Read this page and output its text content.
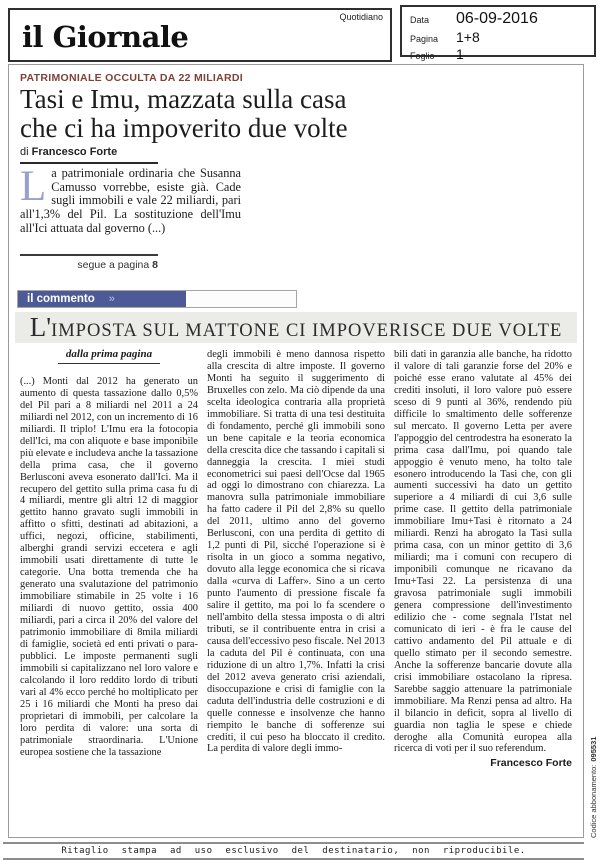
Quotidiano
il Giornale	Data	06-09-2016
Pagina	1+8
Foglio	1
PATRIMONIALE OCCULTA DA 22 MILIARDI
Tasi e Imu, mazzata sulla casa
che ci ha impoverito due volte
di Francesco Forte
La patrimoniale ordinaria che Susanna Camusso vorrebbe, esiste già. Cade sugli immobili e vale 22 miliardi, pari all'1,3% del Pil. La sostituzione dell'Imu all'Ici attuata dal governo (...)
segue a pagina 8
il commento »
L'IMPOSTA SUL MATTONE CI IMPOVERISCE DUE VOLTE
dalla prima pagina
(...) Monti dal 2012 ha generato un aumento di questa tassazione dallo 0,5% del Pil pari a 8 miliardi nel 2011 a 24 miliardi nel 2012, con un incremento di 16 miliardi. Il triplo! L'Imu era la fotocopia dell'Ici, ma con aliquote e base imponibile più elevate e includeva anche la tassazione della prima casa, che il governo Berlusconi aveva esonerato dall'Ici. Ma il recupero del gettito sulla prima casa fu di 4 miliardi, mentre gli altri 12 di maggior gettito hanno gravato sugli immobili in affitto o sfitti, destinati ad abitazioni, a uffici, negozi, officine, stabilimenti, alberghi grandi servizi eccetera e agli immobili usati direttamente di tutte le categorie. Una botta tremenda che ha generato una svalutazione del patrimonio immobiliare stimabile in 25 volte i 16 miliardi di nuovo gettito, ossia 400 miliardi, pari a circa il 20% del valore del patrimonio immobiliare di 8mila miliardi di famiglie, società ed enti privati o para-pubblici. Le imposte permanenti sugli immobili si capitalizzano nel loro valore e calcolando il loro reddito lordo di tributi vari al 4% ecco perché ho moltiplicato per 25 i 16 miliardi che Monti ha preso dai proprietari di immobili, per calcolare la loro perdita di valore: una sorta di patrimoniale straordinaria. L'Unione europea sostiene che la tassazione
degli immobili è meno dannosa rispetto alla crescita di altre imposte. Il governo Monti ha seguito il suggerimento di Bruxelles con zelo. Ma ciò dipende da una scelta ideologica contraria alla proprietà immobiliare. Si tratta di una tesi destituita di fondamento, perché gli immobili sono un bene capitale e la teoria economica della crescita dice che tassando i capitali si danneggia la crescita. I miei studi econometrici sui paesi dell'Ocse dal 1965 ad oggi lo dimostrano con chiarezza. La manovra sulla patrimoniale immobiliare ha fatto cadere il Pil del 2,8% su quello del 2011, ultimo anno del governo Berlusconi, con una perdita di gettito di 1,2 punti di Pil, sicché l'operazione si è risolta in un gioco a somma negativo, dovuto alla legge economica che si ricava dalla «curva di Laffer». Sino a un certo punto l'aumento di pressione fiscale fa salire il gettito, ma poi lo fa scendere o nell'ambito della stessa imposta o di altri tributi, se il contribuente entra in crisi a causa dell'eccessivo peso fiscale. Nel 2013 la caduta del Pil è continuata, con una riduzione di un altro 1,7%. Infatti la crisi del 2012 aveva generato crisi aziendali, disoccupazione e crisi di famiglie con la caduta dell'industria delle costruzioni e di quelle connesse e insolvenze che hanno riempito le banche di sofferenze sui crediti, il cui peso ha bloccato il credito. La perdita di valore degli immo-
bili dati in garanzia alle banche, ha ridotto il valore di tali garanzie forse del 20% e poiché esse erano valutate al 45% dei crediti insoluti, il loro valore può essere sceso di 9 punti al 36%, rendendo più difficile lo smaltimento delle sofferenze sul mercato. Il governo Letta per avere l'appoggio del centrodestra ha esonerato la prima casa dall'Imu, poi quando tale appoggio è venuto meno, ha tolto tale esonero introducendo la Tasi che, con gli aumenti successivi ha dato un gettito superiore a 4 miliardi di cui 3,6 sulle prime case. Il gettito della patrimoniale immobiliare Imu+Tasi è ritornato a 24 miliardi. Renzi ha abrogato la Tasi sulla prima casa, con un minor gettito di 3,6 miliardi; ma i comuni con recupero di imponibili comunque ne ricavano da Imu+Tasi 22. La persistenza di una gravosa patrimoniale sugli immobili genera compressione dell'investimento edilizio che - come segnala l'Istat nel comunicato di ieri - è fra le cause del cattivo andamento del Pil attuale e di quello stimato per il secondo semestre. Anche la sofferenze bancarie dovute alla crisi immobiliare ostacolano la ripresa. Sarebbe saggio attenuare la patrimoniale immobiliare. Ma Renzi pensa ad altro. Ha il bilancio in deficit, sopra al livello di guardia non taglia le spese e chiede deroghe alla Comunità europea alla ricerca di voti per il suo referendum.
Francesco Forte
Ritaglio stampa ad uso esclusivo del destinatario, non riproducibile.
Codice abbonamento:095531
